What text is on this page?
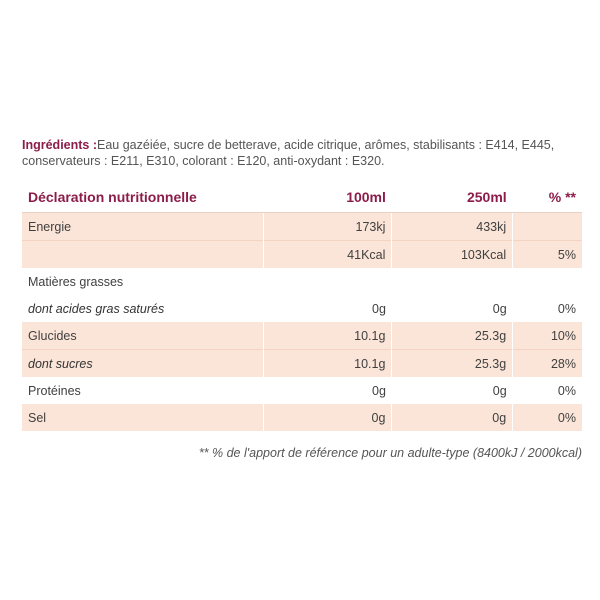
Ingrédients :Eau gazéiée, sucre de betterave, acide citrique, arômes, stabilisants : E414, E445, conservateurs : E211, E310, colorant : E120, anti-oxydant : E320.
Déclaration nutritionnelle	100ml	250ml	% **
Energie	173kj	433kj	
	41Kcal	103Kcal	5%
Matières grasses			
dont acides gras saturés	0g	0g	0%
Glucides	10.1g	25.3g	10%
dont sucres	10.1g	25.3g	28%
Protéines	0g	0g	0%
Sel	0g	0g	0%
** % de l'apport de référence pour un adulte-type (8400kJ / 2000kcal)
